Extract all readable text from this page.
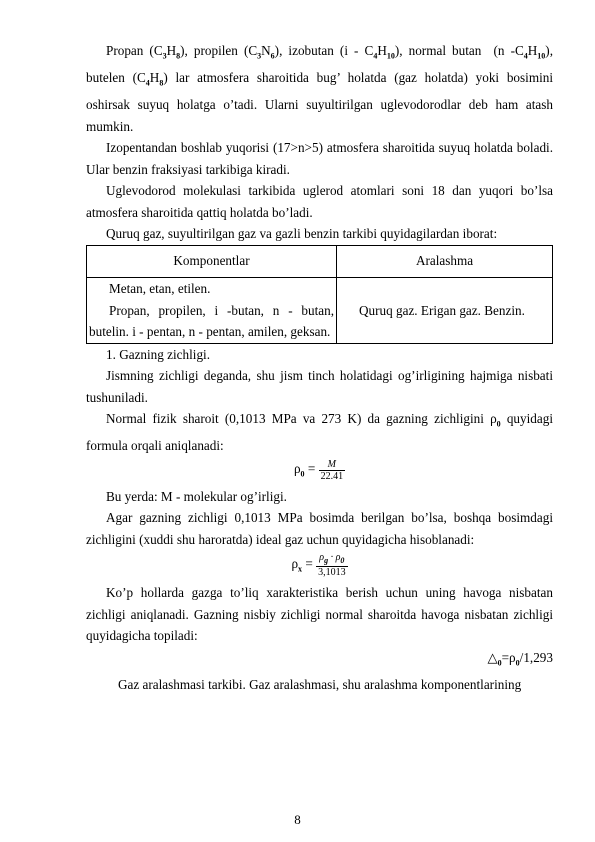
Propan $(C_3H_8)$, propilen $(C_3N_6)$, izobutan $(i - C_4H_{10})$, normal butan  (n $-C_4H_{10}$), butelen $(C_4H_8)$ lar atmosfera sharoitida bug’ holatda (gaz holatda) yoki bosimini oshirsak suyuq holatga o’tadi. Ularni suyultirilgan uglevodorodlar deb ham atash mumkin.

Izopentandan boshlab yuqorisi (17>n>5) atmosfera sharoitida suyuq holatda boladi. Ular benzin fraksiyasi tarkibiga kiradi.

Uglevodorod molekulasi tarkibida uglerod atomlari soni 18 dan yuqori bo’lsa atmosfera sharoitida qattiq holatda bo’ladi.

Quruq gaz, suyultirilgan gaz va gazli benzin tarkibi quyidagilardan iborat:

Komponentlar	Aralashma

Metan, etan, etilen.

Propan, propilen, i -butan, n - butan, butelin. i - pentan, n - pentan, amilen, geksan.	Quruq gaz. Erigan gaz. Benzin.

1. Gazning zichligi.

Jismning zichligi deganda, shu jism tinch holatidagi og’irligining hajmiga nisbati tushuniladi.

Normal fizik sharoit (0,1013 MPa va 273 K) da gazning zichligini $\rho_0$ quyidagi formula orqali aniqlanadi:

$\rho_0 = \frac{M}{22.41}$

Bu yerda: M - molekular og’irligi.

Agar gazning zichligi 0,1013 MPa bosimda berilgan bo’lsa, boshqa bosimdagi zichligini (xuddi shu haroratda) ideal gaz uchun quyidagicha hisoblanadi:

$\rho_x = \frac{\rho_g \cdot \rho_0}{3,1013}$

Ko’p hollarda gazga to’liq xarakteristika berish uchun uning havoga nisbatan zichligi aniqlanadi. Gazning nisbiy zichligi normal sharoitda havoga nisbatan zichligi quyidagicha topiladi:

$\triangle_0=\rho_0/1,293$

Gaz aralashmasi tarkibi. Gaz aralashmasi, shu aralashma komponentlarining

8
